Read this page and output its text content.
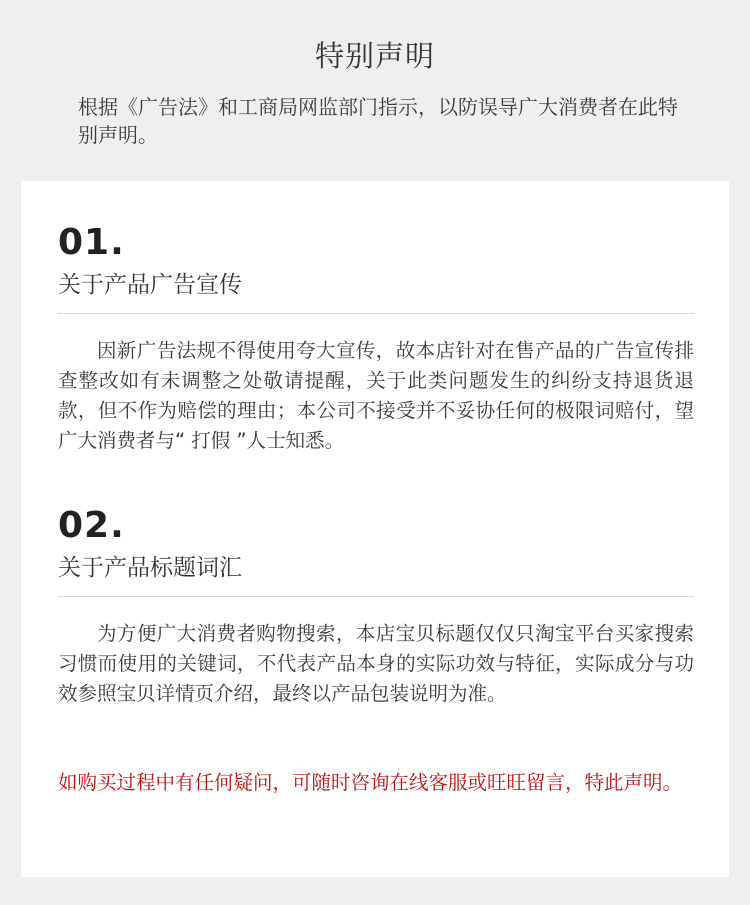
特别声明
根据《广告法》和工商局网监部门指示，以防误导广大消费者在此特别声明。
01.
关于产品广告宣传
因新广告法规不得使用夸大宣传，故本店针对在售产品的广告宣传排查整改如有未调整之处敬请提醒，关于此类问题发生的纠纷支持退货退款，但不作为赔偿的理由；本公司不接受并不妥协任何的极限词赔付，望广大消费者与“ 打假 ”人士知悉。
02.
关于产品标题词汇
为方便广大消费者购物搜索，本店宝贝标题仅仅只淘宝平台买家搜索习惯而使用的关键词，不代表产品本身的实际功效与特征，实际成分与功效参照宝贝详情页介绍，最终以产品包装说明为准。
如购买过程中有任何疑问，可随时咨询在线客服或旺旺留言，特此声明。
